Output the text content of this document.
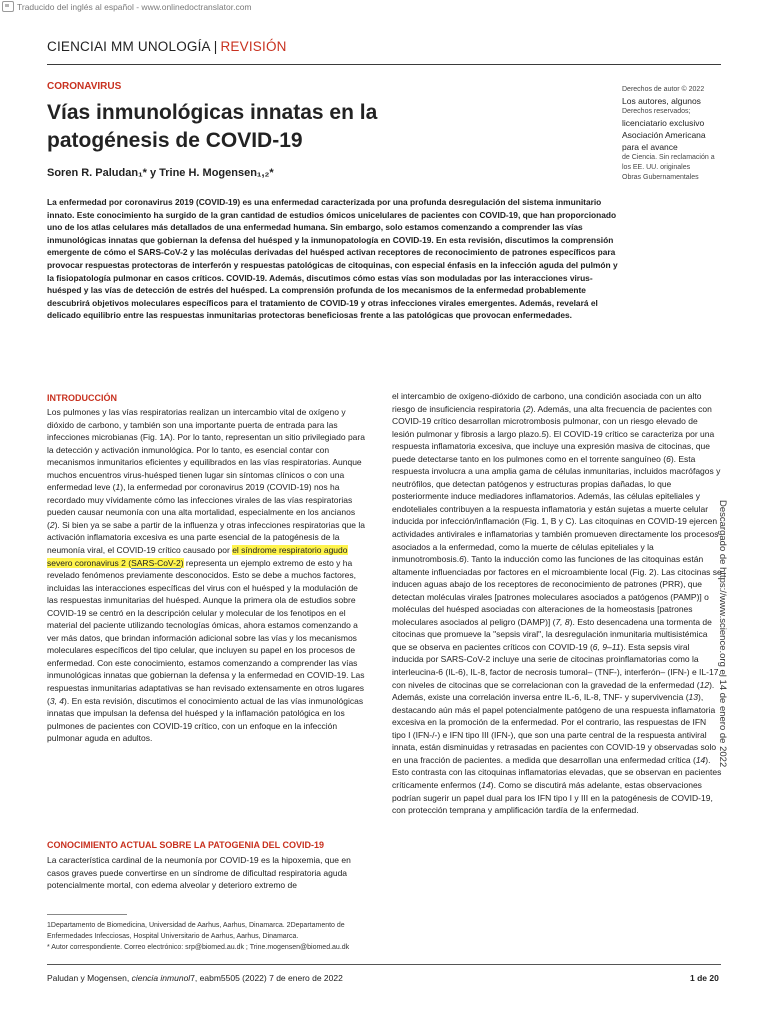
Traducido del inglés al español - www.onlinedoctranslator.com
CIENCIAI MM UNOLOGÍA | REVISIÓN
CORONAVIRUS
Vías inmunológicas innatas en la patogénesis de COVID-19
Soren R. Paludan₁* y Trine H. Mogensen₁,₂*
Derechos de autor © 2022
Los autores, algunos
Derechos reservados;
licenciatario exclusivo
Asociación Americana
para el avance
de Ciencia. Sin reclamación a
los EE. UU. originales
Obras Gubernamentales

La enfermedad por coronavirus 2019 (COVID-19) es una enfermedad caracterizada por una profunda desregulación del sistema inmunitario innato. Este conocimiento ha surgido de la gran cantidad de estudios ómicos unicelulares de pacientes con COVID-19, que han proporcionado uno de los atlas celulares más detallados de una enfermedad humana. Sin embargo, solo estamos comenzando a comprender las vías inmunológicas innatas que gobiernan la defensa del huésped y la inmunopatología en COVID-19. En esta revisión, discutimos la comprensión emergente de cómo el SARS-CoV-2 y las moléculas derivadas del huésped activan receptores de reconocimiento de patrones específicos para provocar respuestas protectoras de interferón y respuestas patológicas de citoquinas, con especial énfasis en la infección aguda del pulmón y la fisiopatología pulmonar en casos críticos. COVID-19. Además, discutimos cómo estas vías son moduladas por las interacciones virus-huésped y las vías de detección de estrés del huésped. La comprensión profunda de los mecanismos de la enfermedad probablemente descubrirá objetivos moleculares específicos para el tratamiento de COVID-19 y otras infecciones virales emergentes. Además, revelará el delicado equilibrio entre las respuestas inmunitarias protectoras beneficiosas frente a las patológicas que provocan enfermedades.

INTRODUCCIÓN

Los pulmones y las vías respiratorias realizan un intercambio vital de oxígeno y dióxido de carbono, y también son una importante puerta de entrada para las infecciones microbianas (Fig. 1A). Por lo tanto, representan un sitio privilegiado para la detección y activación inmunológica. Por lo tanto, es esencial contar con mecanismos inmunitarios eficientes y equilibrados en las vías respiratorias. Aunque muchos encuentros virus-huésped tienen lugar sin síntomas clínicos o con una enfermedad leve (1), la enfermedad por coronavirus 2019 (COVID-19) nos ha recordado muy vívidamente cómo las infecciones virales de las vías respiratorias pueden causar neumonía con una alta mortalidad, especialmente en los ancianos (2). Si bien ya se sabe a partir de la influenza y otras infecciones respiratorias que la activación inflamatoria excesiva es una parte esencial de la patogénesis de la neumonía viral, el COVID-19 crítico causado por el síndrome respiratorio agudo severo coronavirus 2 (SARS-CoV-2) representa un ejemplo extremo de esto y ha revelado fenómenos previamente desconocidos. Esto se debe a muchos factores, incluidas las interacciones específicas del virus con el huésped y la modulación de las respuestas inmunitarias del huésped. Aunque la primera ola de estudios sobre COVID-19 se centró en la descripción celular y molecular de los fenotipos en el material del paciente utilizando tecnologías ómicas, ahora estamos comenzando a ver más datos, que brindan información adicional sobre las vías y los mecanismos moleculares específicos del tipo celular, que incluyen su papel en los procesos de enfermedad. Con este conocimiento, estamos comenzando a comprender las vías inmunológicas innatas que gobiernan la defensa y la enfermedad en COVID-19. Las respuestas inmunitarias adaptativas se han revisado extensamente en otros lugares (3, 4). En esta revisión, discutimos el conocimiento actual de las vías inmunológicas innatas que impulsan la defensa del huésped y la inflamación patológica en los pulmones de pacientes con COVID-19 crítico, con un enfoque en la infección pulmonar aguda en adultos.

CONOCIMIENTO ACTUAL SOBRE LA PATOGENIA DEL COVID-19

La característica cardinal de la neumonía por COVID-19 es la hipoxemia, que en casos graves puede convertirse en un síndrome de dificultad respiratoria aguda potencialmente mortal, con edema alveolar y deterioro extremo de

el intercambio de oxígeno-dióxido de carbono, una condición asociada con un alto riesgo de insuficiencia respiratoria (2). Además, una alta frecuencia de pacientes con COVID-19 crítico desarrollan microtrombosis pulmonar, con un riesgo elevado de lesión pulmonar y fibrosis a largo plazo.5). El COVID-19 crítico se caracteriza por una respuesta inflamatoria excesiva, que incluye una expresión masiva de citocinas, que puede detectarse tanto en los pulmones como en el torrente sanguíneo (6). Esta respuesta involucra a una amplia gama de células inmunitarias, incluidos macrófagos y neutrófilos, que detectan patógenos y estructuras propias dañadas, lo que posteriormente induce mediadores inflamatorios. Además, las células epiteliales y endoteliales contribuyen a la respuesta inflamatoria y están sujetas a muerte celular inducida por infección/inflamación (Fig. 1, B y C). Las citoquinas en COVID-19 ejercen actividades antivirales e inflamatorias y también promueven directamente los procesos asociados a la enfermedad, como la muerte de células epiteliales y la inmunotrombosis.6). Tanto la inducción como las funciones de las citoquinas están altamente influenciadas por factores en el microambiente local (Fig. 2). Las citocinas se inducen aguas abajo de los receptores de reconocimiento de patrones (PRR), que detectan moléculas virales [patrones moleculares asociados a patógenos (PAMP)] o moléculas del huésped asociadas con alteraciones de la homeostasis [patrones moleculares asociados al peligro (DAMP)] (7, 8). Esto desencadena una tormenta de citocinas que promueve la "sepsis viral", la desregulación inmunitaria multisistémica que se observa en pacientes críticos con COVID-19 (6, 9–11). Esta sepsis viral inducida por SARS-CoV-2 incluye una serie de citocinas proinflamatorias como la interleucina-6 (IL-6), IL-8, factor de necrosis tumoral– (TNF-), interferón– (IFN-) e IL-17, con niveles de citocinas que se correlacionan con la gravedad de la enfermedad (12). Además, existe una correlación inversa entre IL-6, IL-8, TNF- y supervivencia (13), destacando aún más el papel potencialmente patógeno de una respuesta inflamatoria excesiva en la promoción de la enfermedad. Por el contrario, las respuestas de IFN tipo I (IFN-/-) e IFN tipo III (IFN-), que son una parte central de la respuesta antiviral innata, están disminuidas y retrasadas en pacientes con COVID-19 y observadas solo en una fracción de pacientes. a medida que desarrollan una enfermedad crítica (14). Esto contrasta con las citoquinas inflamatorias elevadas, que se observan en pacientes críticamente enfermos (14). Como se discutirá más adelante, estas observaciones podrían sugerir un papel dual para los IFN tipo I y III en la patogénesis de COVID-19, con protección temprana y amplificación tardía de la enfermedad.

1Departamento de Biomedicina, Universidad de Aarhus, Aarhus, Dinamarca. 2Departamento de Enfermedades Infecciosas, Hospital Universitario de Aarhus, Aarhus, Dinamarca.
* Autor correspondiente. Correo electrónico: srp@biomed.au.dk ; Trine.mogensen@biomed.au.dk

Paludan y Mogensen, ciencia inmunol7, eabm5505 (2022) 7 de enero de 2022	1 de 20
Descargado de https://www.science.org el 14 de enero de 2022
